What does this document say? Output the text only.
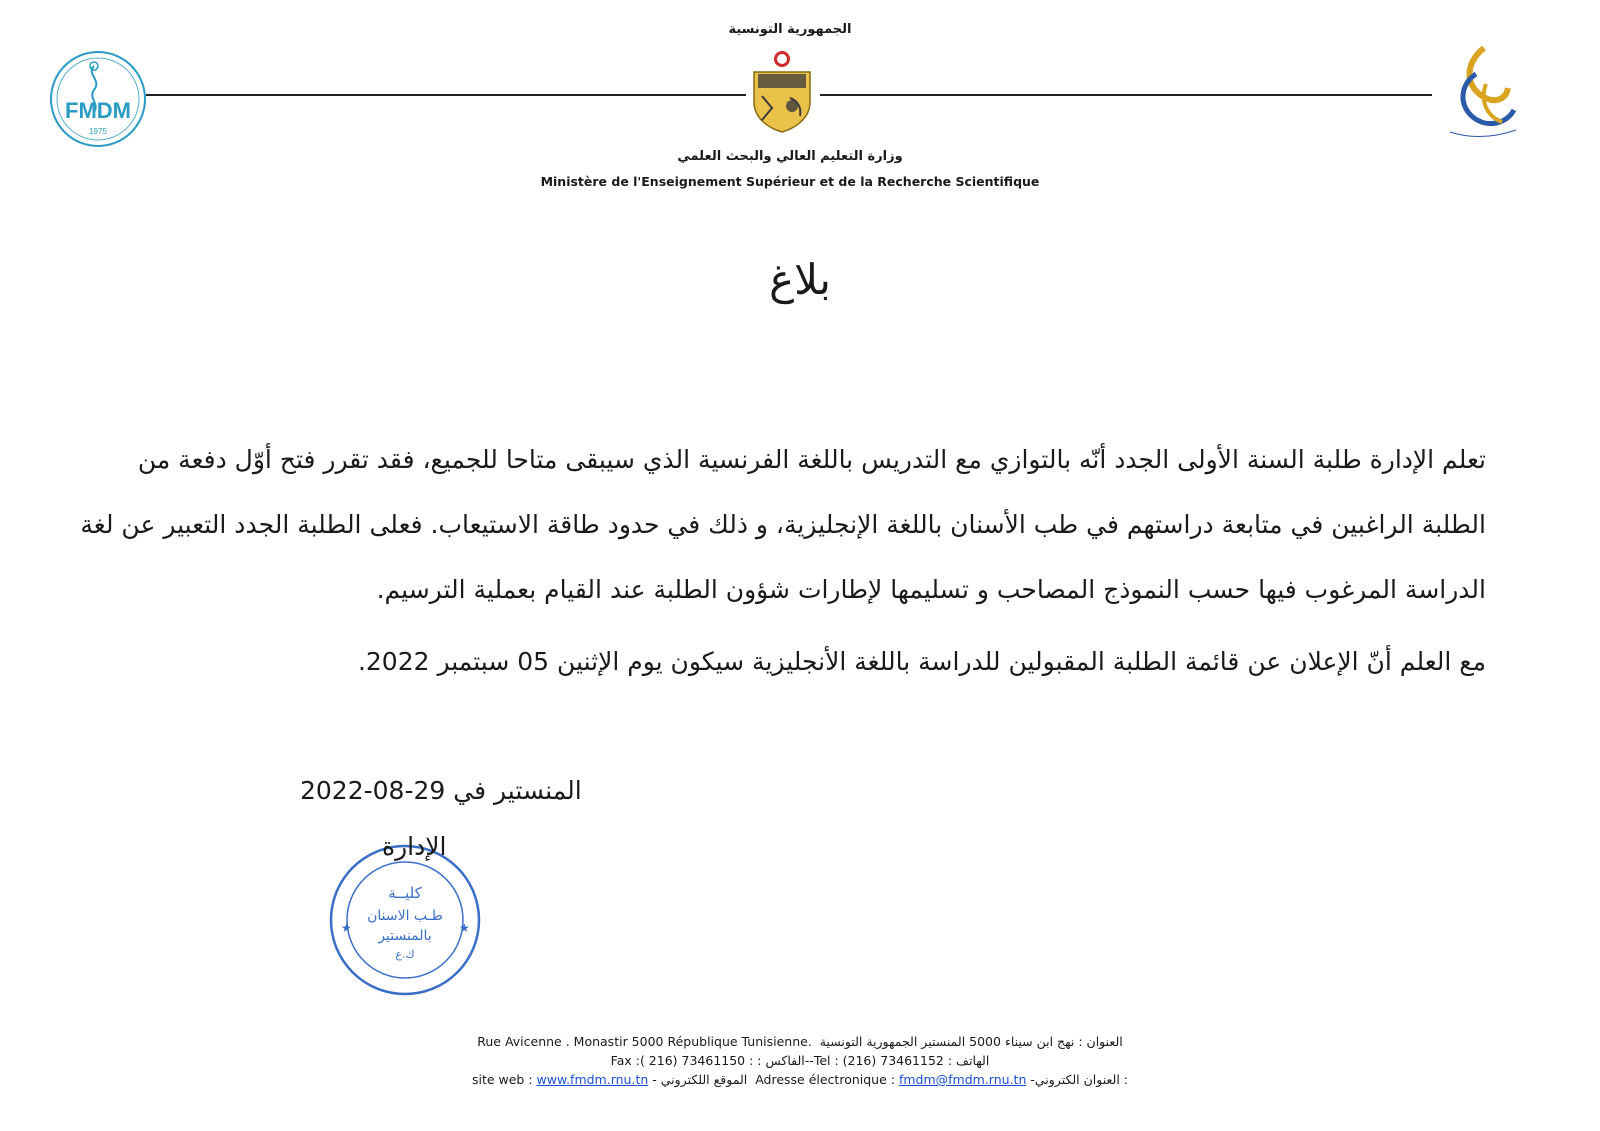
الجمهورية التونسية
FMDM
1975
وزارة التعليم العالي والبحث العلمي
Ministère de l'Enseignement Supérieur et de la Recherche Scientifique
بلاغ
تعلم الإدارة طلبة السنة الأولى الجدد أنّه بالتوازي مع التدريس باللغة الفرنسية الذي سيبقى متاحا للجميع، فقد تقرر فتح أوّل دفعة من
الطلبة الراغبين في متابعة دراستهم في طب الأسنان باللغة الإنجليزية، و ذلك في حدود طاقة الاستيعاب. فعلى الطلبة الجدد التعبير عن لغة
الدراسة المرغوب فيها حسب النموذج المصاحب و تسليمها لإطارات شؤون الطلبة عند القيام بعملية الترسيم.
مع العلم أنّ الإعلان عن قائمة الطلبة المقبولين للدراسة باللغة الأنجليزية سيكون يوم الإثنين 05 سبتمبر 2022.
المنستير في 29-08-2022
كليــة
طـب الاسنان
بالمنستير
ك.ع
★	★
الإدارة
Rue Avicenne . Monastir 5000 République Tunisienne. العنوان : نهج ابن سيناء 5000 المنستير الجمهورية التونسية
Fax :( 216) 73461150 : : الفاكس--Tel : (216) 73461152 : الهاتف
site web : www.fmdm.rnu.tn الموقع اللكتروني - Adresse électronique : fmdm@fmdm.rnu.tn : العنوان الكتروني-
